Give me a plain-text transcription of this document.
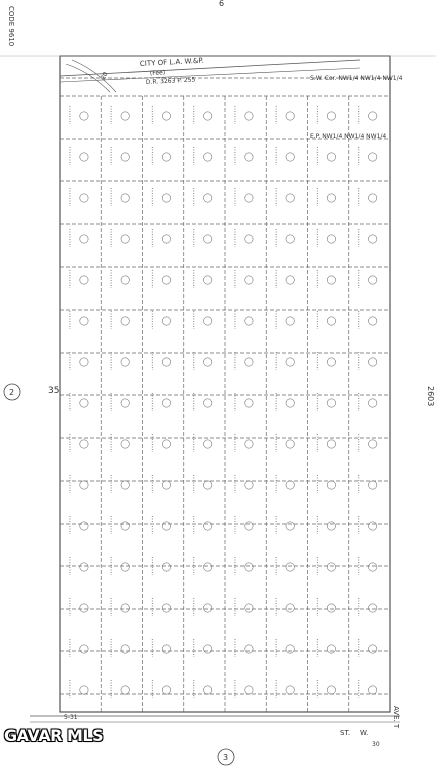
CODE 9610
6
2603
2
3
35
CITY OF L.A. W.&P.
(Fee)
D.R. 3263 P. 255
20	S.W. Cor. NW1/4 NW1/4 NW1/4
E.P. NW1/4 NW1/4 NW1/4
ST. W.
AVE. T
30
5-31
GAVAR MLS
